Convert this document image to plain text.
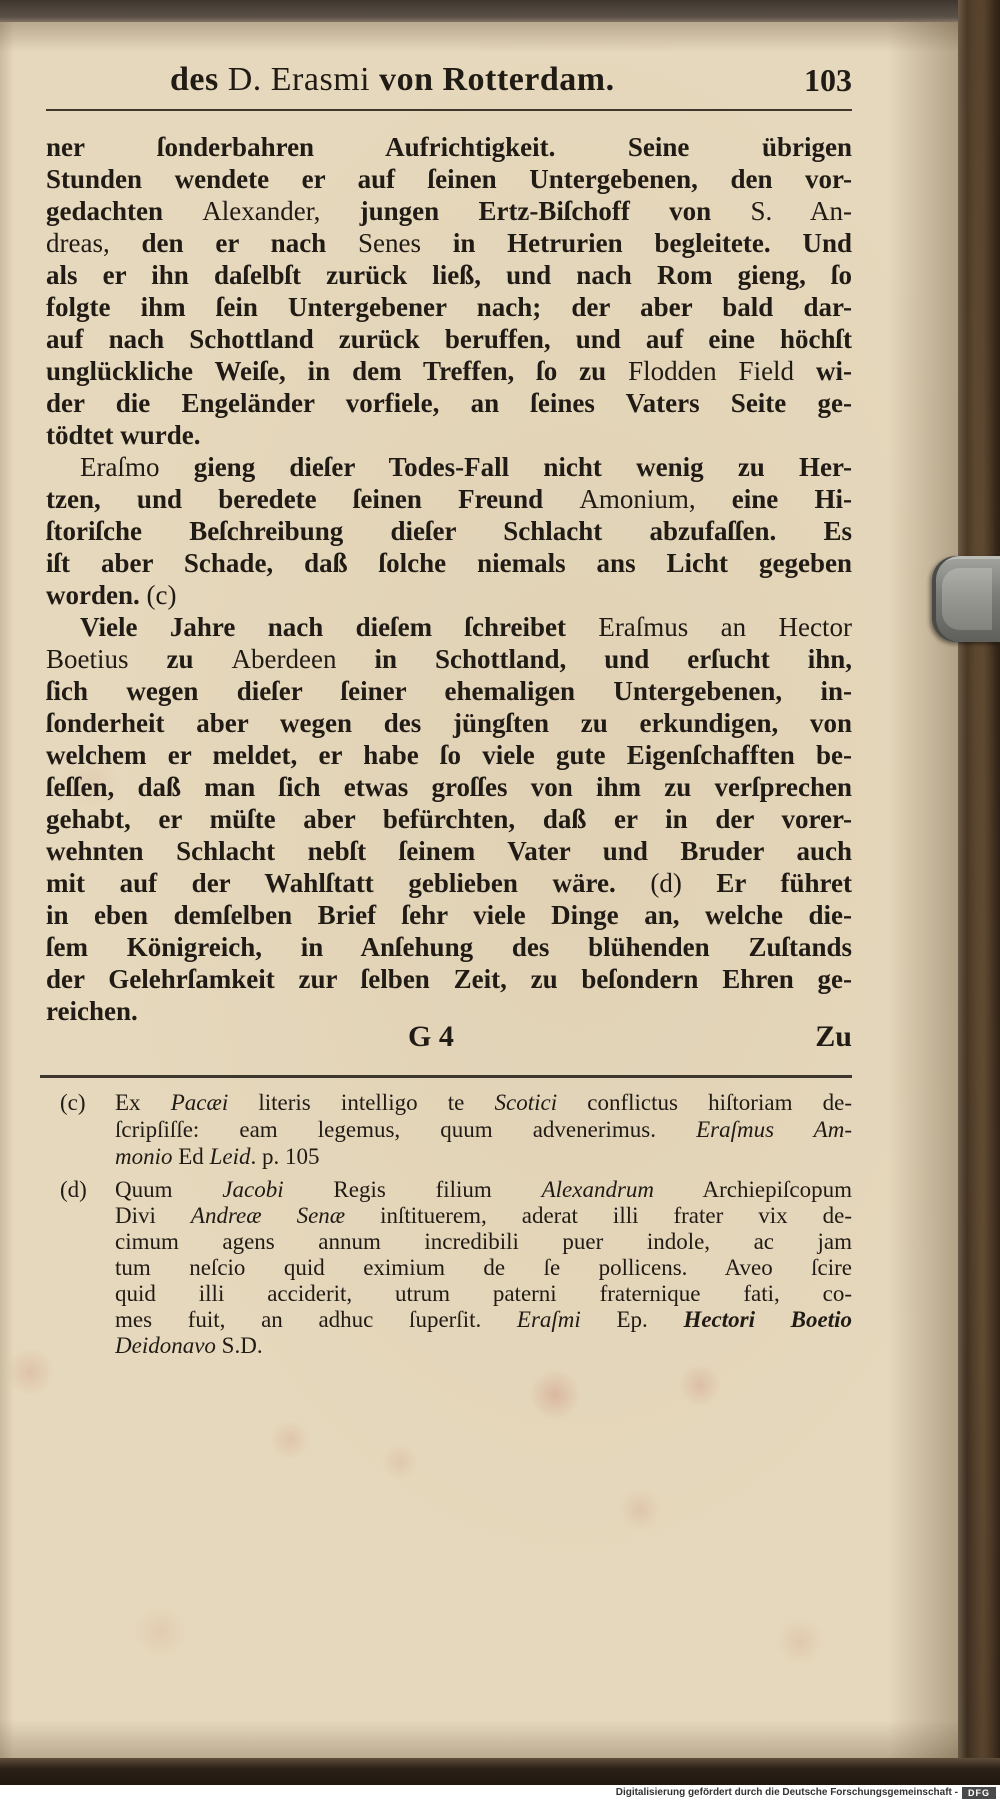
des D. Erasmi von Rotterdam.	103
ner ſonderbahren Aufrichtigkeit. Seine übrigen
Stunden wendete er auf ſeinen Untergebenen, den vor-
gedachten Alexander, jungen Ertz-Biſchoff von S. An-
dreas, den er nach Senes in Hetrurien begleitete. Und
als er ihn daſelbſt zurück ließ, und nach Rom gieng, ſo
folgte ihm ſein Untergebener nach; der aber bald dar-
auf nach Schottland zurück beruffen, und auf eine höchſt
unglückliche Weiſe, in dem Treffen, ſo zu Flodden Field wi-
der die Engeländer vorfiele, an ſeines Vaters Seite ge-
tödtet wurde.
Eraſmo gieng dieſer Todes-Fall nicht wenig zu Her-
tzen, und beredete ſeinen Freund Amonium, eine Hi-
ſtoriſche Beſchreibung dieſer Schlacht abzufaſſen. Es
iſt aber Schade, daß ſolche niemals ans Licht gegeben
worden. (c)
Viele Jahre nach dieſem ſchreibet Eraſmus an Hector
Boetius zu Aberdeen in Schottland, und erſucht ihn,
ſich wegen dieſer ſeiner ehemaligen Untergebenen, in-
ſonderheit aber wegen des jüngſten zu erkundigen, von
welchem er meldet, er habe ſo viele gute Eigenſchafften be-
ſeſſen, daß man ſich etwas groſſes von ihm zu verſprechen
gehabt, er müſte aber befürchten, daß er in der vorer-
wehnten Schlacht nebſt ſeinem Vater und Bruder auch
mit auf der Wahlſtatt geblieben wäre. (d) Er führet
in eben demſelben Brief ſehr viele Dinge an, welche die-
ſem Königreich, in Anſehung des blühenden Zuſtands
der Gelehrſamkeit zur ſelben Zeit, zu beſondern Ehren ge-
reichen.
G 4	Zu
(c) Ex Pacæi literis intelligo te Scotici conflictus hiſtoriam de-
ſcripſiſſe: eam legemus, quum advenerimus. Eraſmus Am-
monio Ed Leid. p. 105
(d) Quum Jacobi Regis filium Alexandrum Archiepiſcopum
Divi Andreæ Senæ inſtituerem, aderat illi frater vix de-
cimum agens annum incredibili puer indole, ac jam
tum neſcio quid eximium de ſe pollicens. Aveo ſcire
quid illi acciderit, utrum paterni fraternique fati, co-
mes fuit, an adhuc ſuperſit. Eraſmi Ep. Hectori Boetio
Deidonavo S.D.
Digitalisierung gefördert durch die Deutsche Forschungsgemeinschaft -	DFG
